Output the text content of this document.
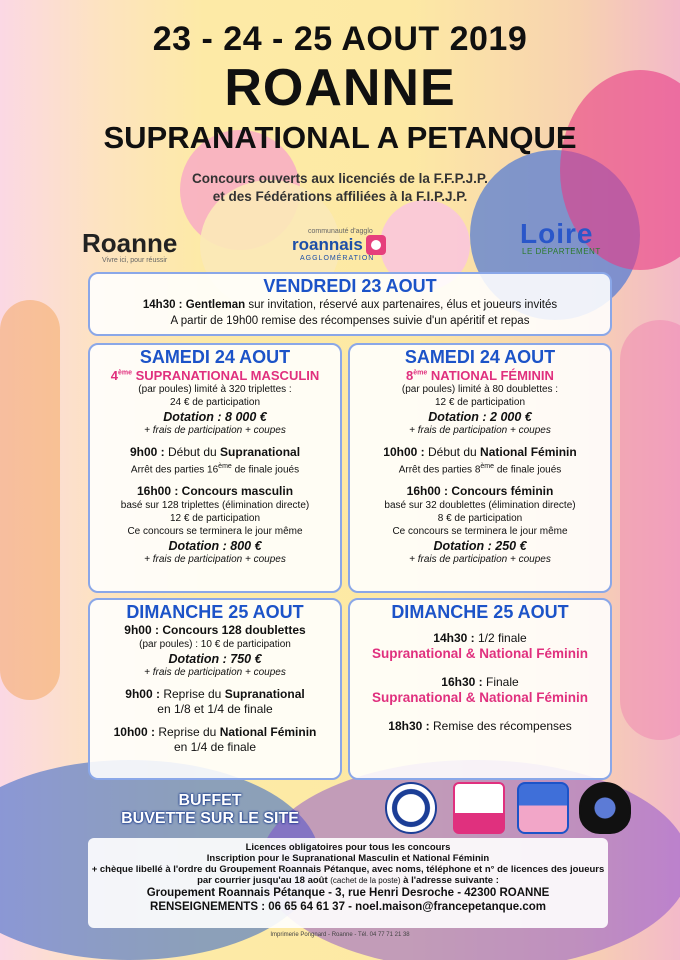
23 - 24 - 25 AOUT 2019
ROANNE
SUPRANATIONAL A PETANQUE
Concours ouverts aux licenciés de la F.F.P.J.P.
et des Fédérations affiliées à la F.I.P.J.P.
Roanne
Vivre ici, pour réussir
communauté d'agglo
roannais
AGGLOMÉRATION
Loire
LE DÉPARTEMENT
VENDREDI 23 AOUT
14h30 : Gentleman sur invitation, réservé aux partenaires, élus et joueurs invités
A partir de 19h00 remise des récompenses suivie d'un apéritif et repas
SAMEDI 24 AOUT
4ème SUPRANATIONAL MASCULIN
(par poules) limité à 320 triplettes :
24 € de participation
Dotation : 8 000 €
+ frais de participation + coupes
9h00 : Début du Supranational
Arrêt des parties 16ème de finale joués
16h00 : Concours masculin
basé sur 128 triplettes (élimination directe)
12 € de participation
Ce concours se terminera le jour même
Dotation : 800 €
+ frais de participation + coupes
SAMEDI 24 AOUT
8ème NATIONAL FÉMININ
(par poules) limité à 80 doublettes :
12 € de participation
Dotation : 2 000 €
+ frais de participation + coupes
10h00 : Début du National Féminin
Arrêt des parties 8ème de finale joués
16h00 : Concours féminin
basé sur 32 doublettes (élimination directe)
8 € de participation
Ce concours se terminera le jour même
Dotation : 250 €
+ frais de participation + coupes
DIMANCHE 25 AOUT
9h00 : Concours 128 doublettes
(par poules) : 10 € de participation
Dotation : 750 €
+ frais de participation + coupes
9h00 : Reprise du Supranational
en 1/8 et 1/4 de finale
10h00 : Reprise du National Féminin
en 1/4 de finale
DIMANCHE 25 AOUT
14h30 : 1/2 finale
Supranational & National Féminin
16h30 : Finale
Supranational & National Féminin
18h30 : Remise des récompenses
BUFFET
BUVETTE SUR LE SITE
Licences obligatoires pour tous les concours
Inscription pour le Supranational Masculin et National Féminin
+ chèque libellé à l'ordre du Groupement Roannais Pétanque, avec noms, téléphone et n° de licences des joueurs
par courrier jusqu'au 18 août (cachet de la poste) à l'adresse suivante :
Groupement Roannais Pétanque - 3, rue Henri Desroche - 42300 ROANNE
RENSEIGNEMENTS : 06 65 64 61 37 - noel.maison@francepetanque.com
Imprimerie Pongnard - Roanne - Tél. 04 77 71 21 38
